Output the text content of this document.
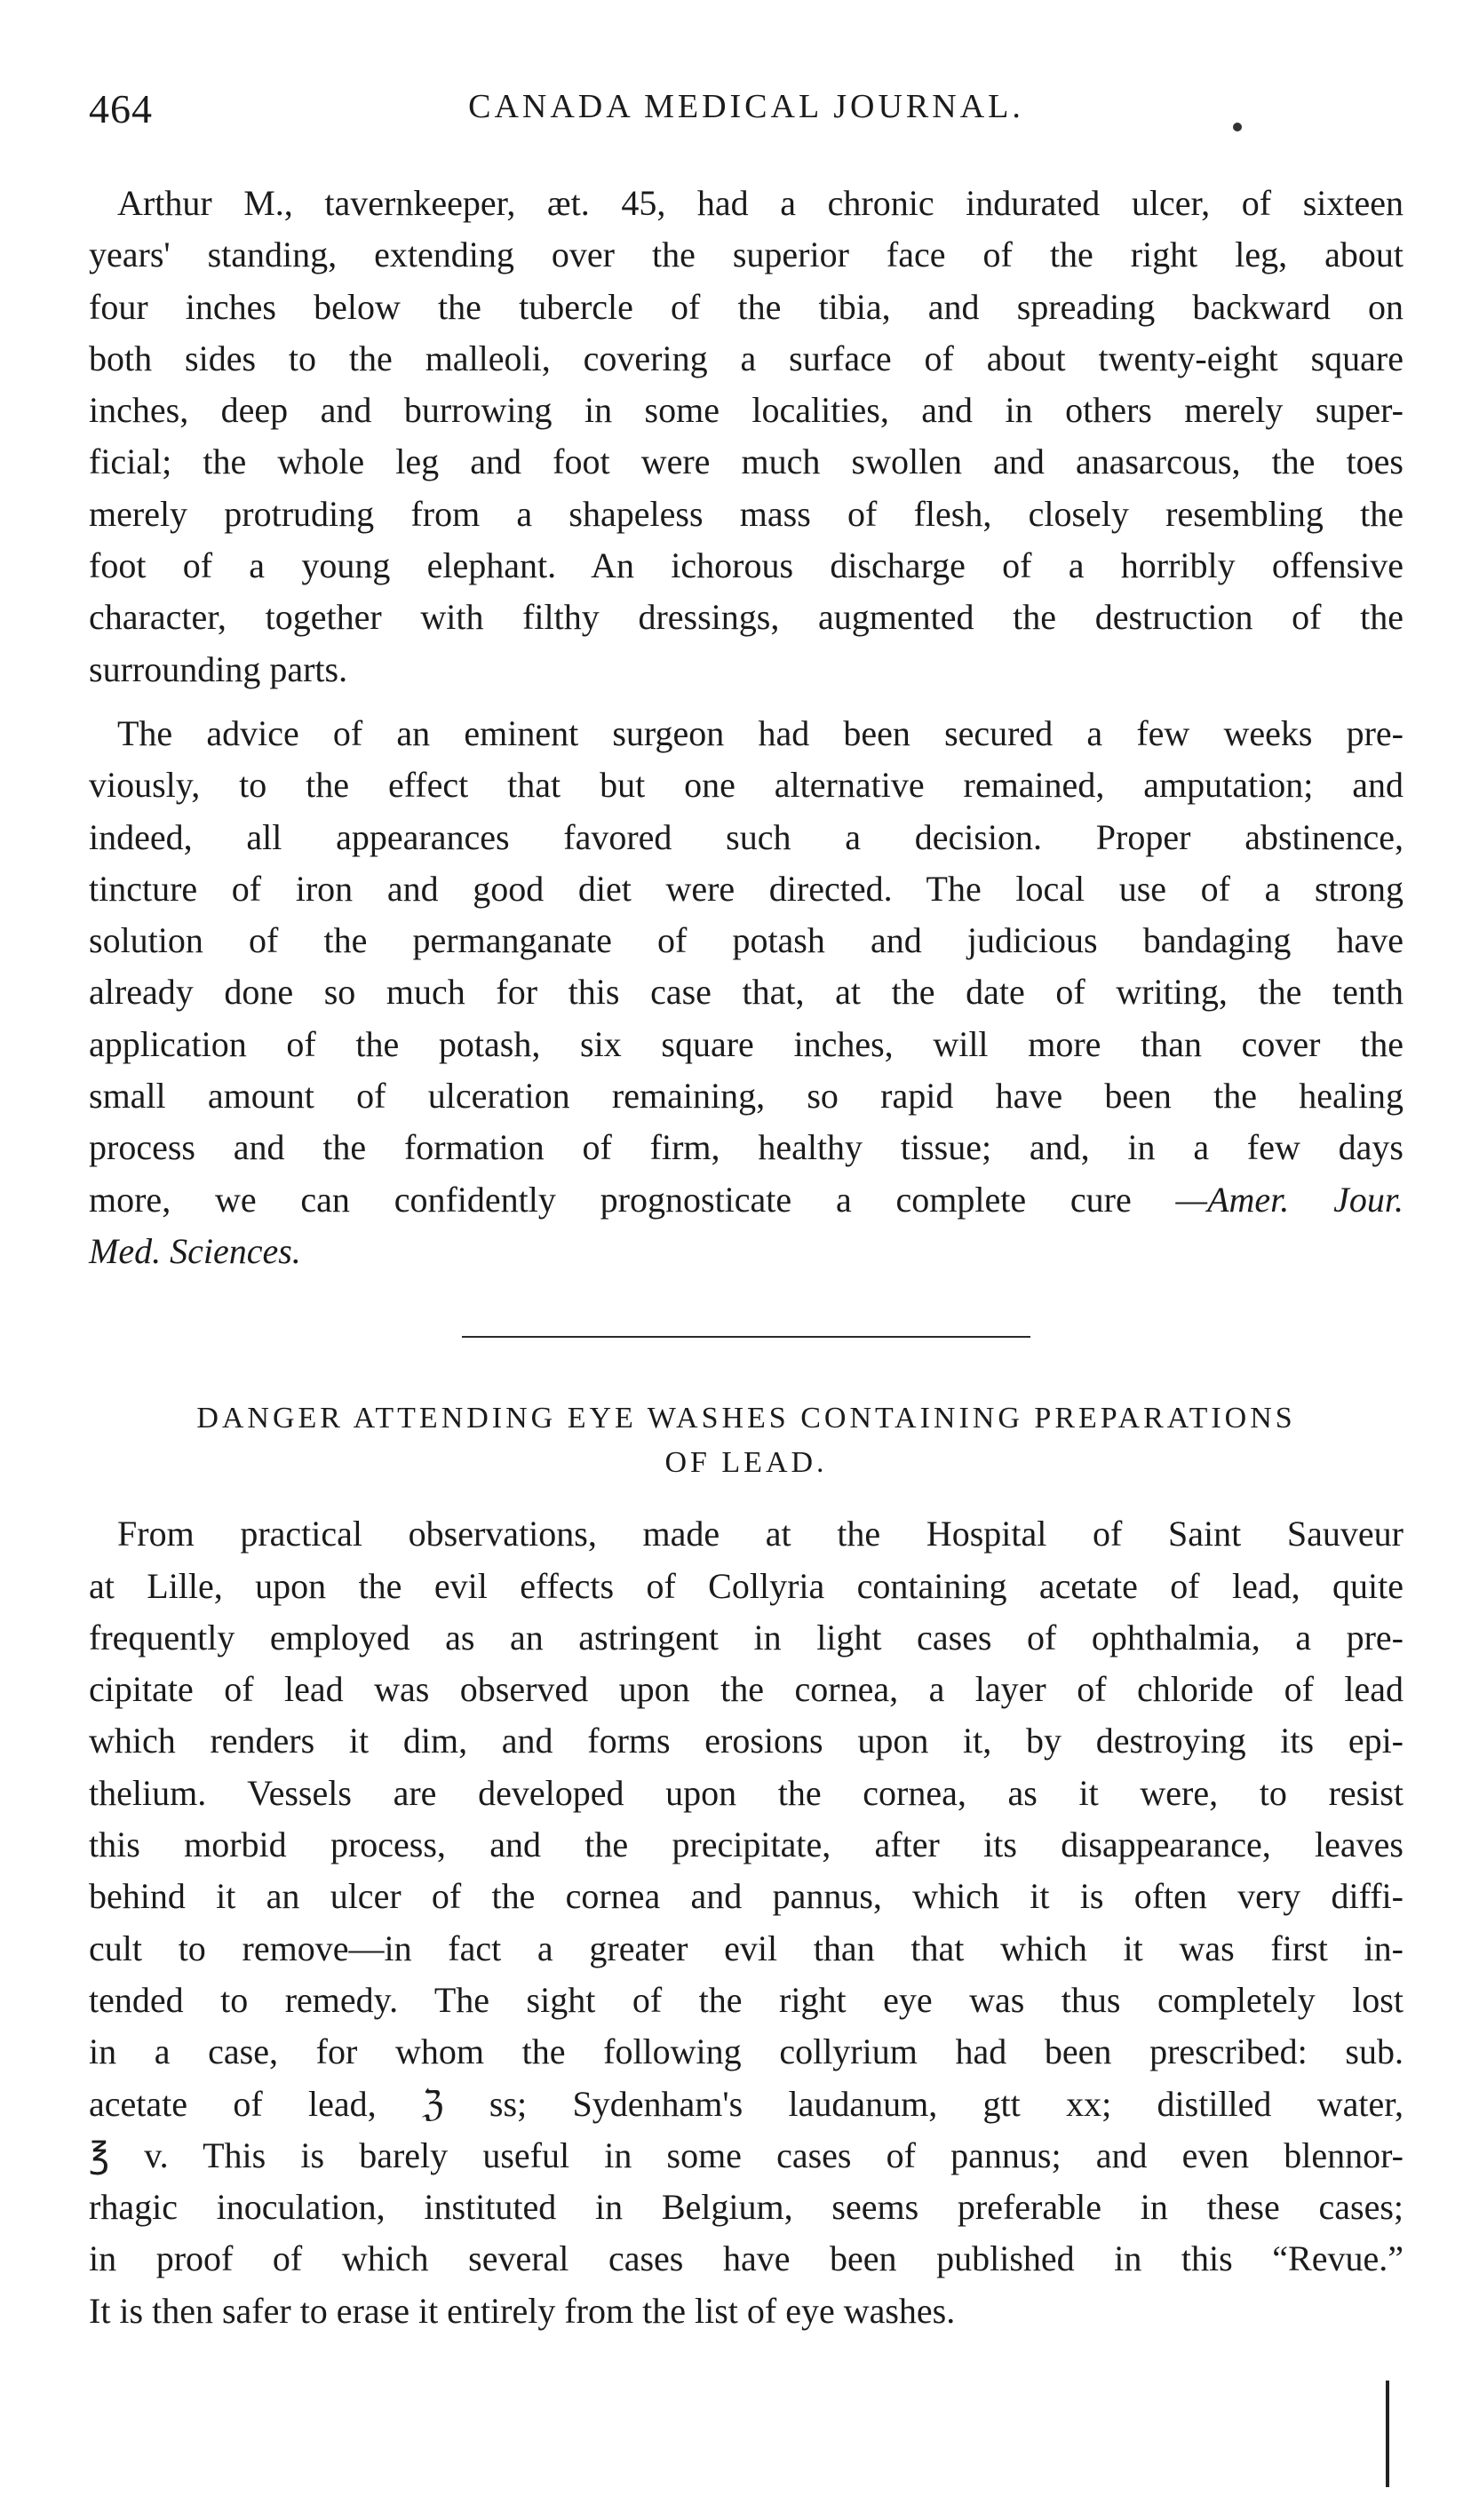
464	CANADA MEDICAL JOURNAL.
Arthur M., tavernkeeper, æt. 45, had a chronic indurated ulcer, of sixteen
years' standing, extending over the superior face of the right leg, about
four inches below the tubercle of the tibia, and spreading backward on
both sides to the malleoli, covering a surface of about twenty-eight square
inches, deep and burrowing in some localities, and in others merely super-
ficial; the whole leg and foot were much swollen and anasarcous, the toes
merely protruding from a shapeless mass of flesh, closely resembling the
foot of a young elephant. An ichorous discharge of a horribly offensive
character, together with filthy dressings, augmented the destruction of the
surrounding parts.
The advice of an eminent surgeon had been secured a few weeks pre-
viously, to the effect that but one alternative remained, amputation; and
indeed, all appearances favored such a decision. Proper abstinence,
tincture of iron and good diet were directed. The local use of a strong
solution of the permanganate of potash and judicious bandaging have
already done so much for this case that, at the date of writing, the tenth
application of the potash, six square inches, will more than cover the
small amount of ulceration remaining, so rapid have been the healing
process and the formation of firm, healthy tissue; and, in a few days
more, we can confidently prognosticate a complete cure —Amer. Jour.
Med. Sciences.
DANGER ATTENDING EYE WASHES CONTAINING PREPARATIONS
OF LEAD.
From practical observations, made at the Hospital of Saint Sauveur
at Lille, upon the evil effects of Collyria containing acetate of lead, quite
frequently employed as an astringent in light cases of ophthalmia, a pre-
cipitate of lead was observed upon the cornea, a layer of chloride of lead
which renders it dim, and forms erosions upon it, by destroying its epi-
thelium. Vessels are developed upon the cornea, as it were, to resist
this morbid process, and the precipitate, after its disappearance, leaves
behind it an ulcer of the cornea and pannus, which it is often very diffi-
cult to remove—in fact a greater evil than that which it was first in-
tended to remedy. The sight of the right eye was thus completely lost
in a case, for whom the following collyrium had been prescribed: sub.
acetate of lead, ℨ ss; Sydenham's laudanum, gtt xx; distilled water,
℥ v. This is barely useful in some cases of pannus; and even blennor-
rhagic inoculation, instituted in Belgium, seems preferable in these cases;
in proof of which several cases have been published in this “Revue.”
It is then safer to erase it entirely from the list of eye washes.
